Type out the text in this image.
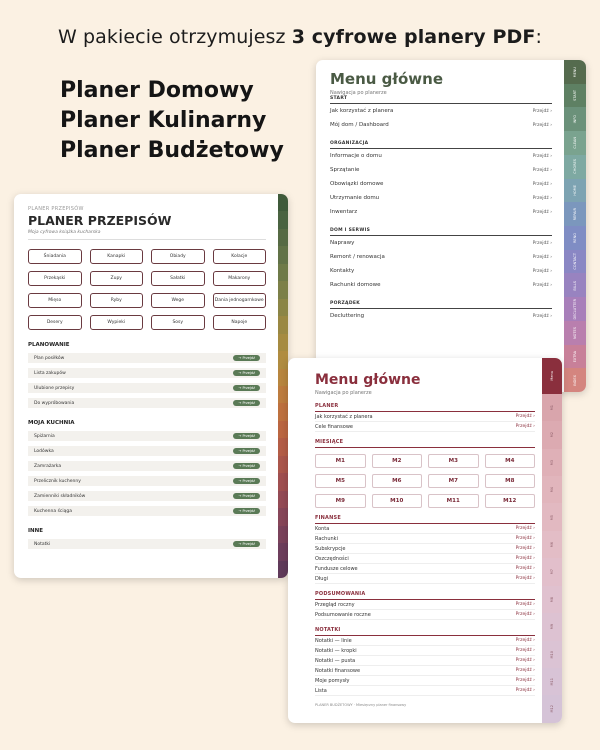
W pakiecie otrzymujesz 3 cyfrowe planery PDF:
Planer Domowy
Planer Kulinarny
Planer Budżetowy
PLANER PRZEPISÓW
PLANER PRZEPISÓW
Moja cyfrowa książka kucharska
Śniadania	Kanapki	Obiady	Kolacje
Przekąski	Zupy	Sałatki	Makarony
Mięso	Ryby	Wege	Dania jednogarnkowe
Desery	Wypieki	Sosy	Napoje
PLANOWANIE
Plan posiłków	→ Przejdź
Lista zakupów	→ Przejdź
Ulubione przepisy	→ Przejdź
Do wypróbowania	→ Przejdź
MOJA KUCHNIA
Spiżarnia	→ Przejdź
Lodówka	→ Przejdź
Zamrażarka	→ Przejdź
Przelicznik kuchenny	→ Przejdź
Zamienniki składników	→ Przejdź
Kuchenna ściąga	→ Przejdź
INNE
Notatki	→ Przejdź
MENU
START
INFO
CLEAN
CHORES
HOME
REPAIR
RENO
CONTACT
BILLS
DECLUTTER
NOTES
EXTRA
INDEX
Menu główne
Nawigacja po planerze
START
Jak korzystać z planera	Przejdź ›
Mój dom / Dashboard	Przejdź ›
ORGANIZACJA
Informacje o domu	Przejdź ›
Sprzątanie	Przejdź ›
Obowiązki domowe	Przejdź ›
Utrzymanie domu	Przejdź ›
Inwentarz	Przejdź ›
DOM I SERWIS
Naprawy	Przejdź ›
Remont / renowacja	Przejdź ›
Kontakty	Przejdź ›
Rachunki domowe	Przejdź ›
PORZĄDEK
Decluttering	Przejdź ›
Menu
M1
M2
M3
M4
M5
M6
M7
M8
M9
M10
M11
M12
Menu główne
Nawigacja po planerze
PLANER
Jak korzystać z planera	Przejdź ›
Cele finansowe	Przejdź ›
MIESIĄCE
M1	M2	M3	M4
M5	M6	M7	M8
M9	M10	M11	M12
FINANSE
Konta	Przejdź ›
Rachunki	Przejdź ›
Subskrypcje	Przejdź ›
Oszczędności	Przejdź ›
Fundusze celowe	Przejdź ›
Długi	Przejdź ›
PODSUMOWANIA
Przegląd roczny	Przejdź ›
Podsumowanie roczne	Przejdź ›
NOTATKI
Notatki — linie	Przejdź ›
Notatki — kropki	Przejdź ›
Notatki — pusta	Przejdź ›
Notatki finansowe	Przejdź ›
Moje pomysły	Przejdź ›
Lista	Przejdź ›
PLANER BUDŻETOWY · Miesięczny planer finansowy
